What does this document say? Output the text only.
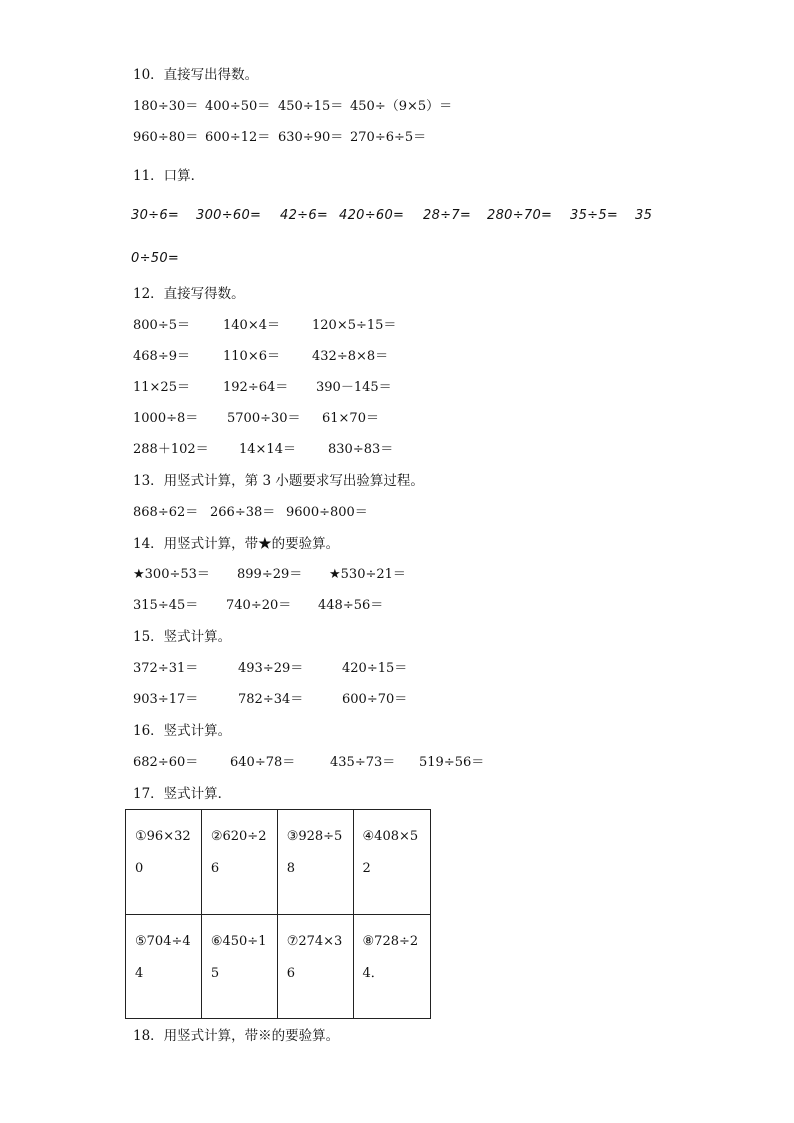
10．直接写出得数。
180÷30＝ 400÷50＝ 450÷15＝ 450÷（9×5）＝
960÷80＝ 600÷12＝ 630÷90＝ 270÷6÷5＝
11．口算．
30÷6= 300÷60= 42÷6= 420÷60= 28÷7= 280÷70= 35÷5= 35
0÷50=
12．直接写得数。
800÷5＝	140×4＝ 120×5÷15＝
468÷9＝	110×6＝ 432÷8×8＝
11×25＝	192÷64＝ 390－145＝
1000÷8＝ 5700÷30＝ 61×70＝
288＋102＝ 14×14＝ 830÷83＝
13．用竖式计算，第 3 小题要求写出验算过程。
868÷62＝ 266÷38＝ 9600÷800＝
14．用竖式计算，带★的要验算。
★300÷53＝ 899÷29＝ ★530÷21＝
315÷45＝ 740÷20＝ 448÷56＝
15．竖式计算。
372÷31＝	493÷29＝	420÷15＝
903÷17＝	782÷34＝	600÷70＝
16．竖式计算。
682÷60＝ 640÷78＝	435÷73＝ 519÷56＝
17．竖式计算．
①96×320	②620÷26	③928÷58	④408×52
⑤704÷44	⑥450÷15	⑦274×36	⑧728÷24．
18．用竖式计算，带※的要验算。
